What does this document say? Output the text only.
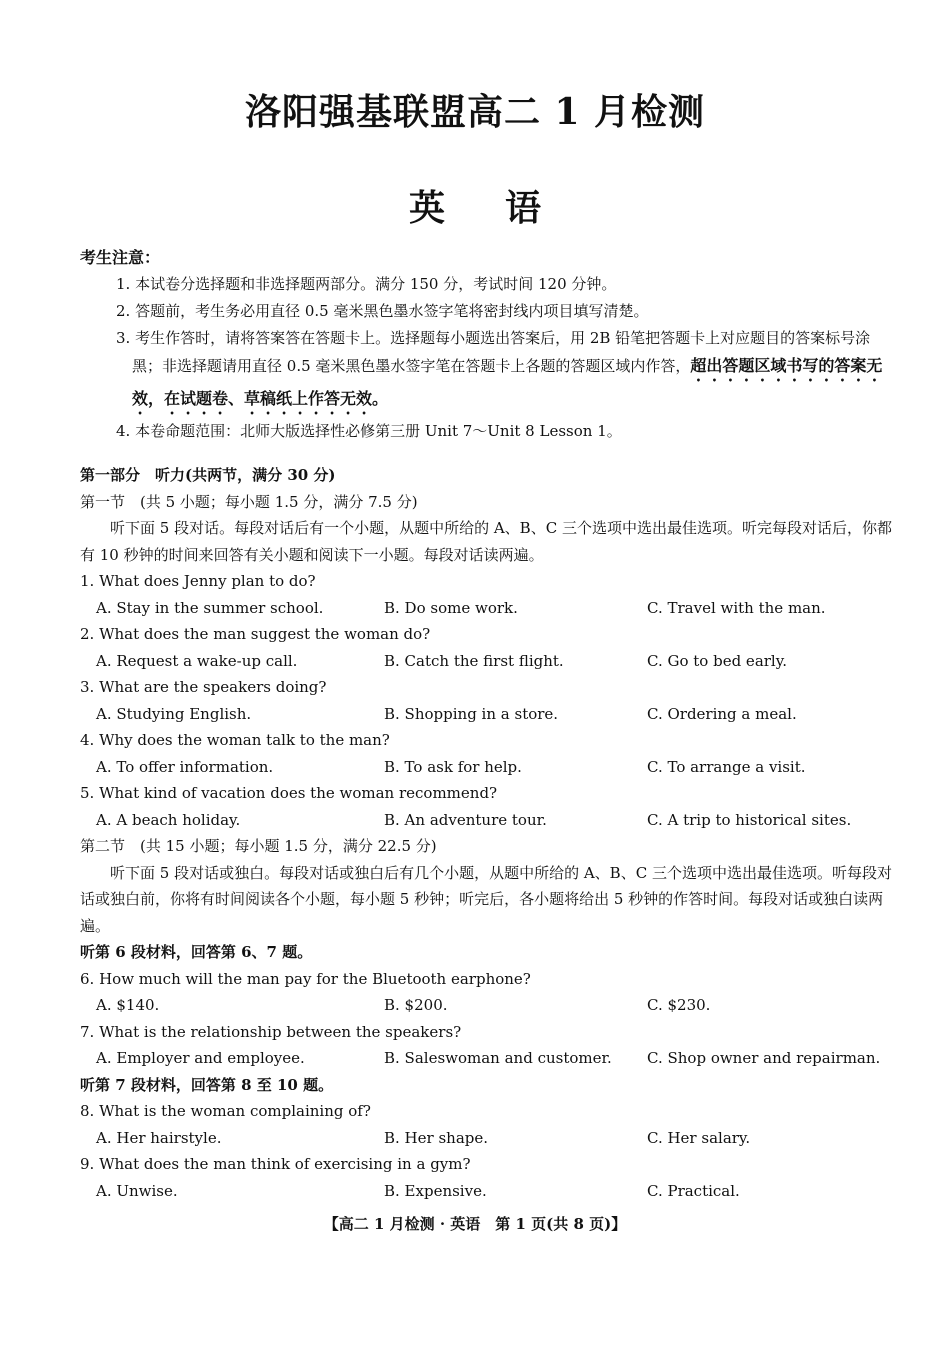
洛阳强基联盟高二 1 月检测
英语
考生注意：
1. 本试卷分选择题和非选择题两部分。满分 150 分，考试时间 120 分钟。
2. 答题前，考生务必用直径 0.5 毫米黑色墨水签字笔将密封线内项目填写清楚。
3. 考生作答时，请将答案答在答题卡上。选择题每小题选出答案后，用 2B 铅笔把答题卡上对应题目的答案标号涂黑；非选择题请用直径 0.5 毫米黑色墨水签字笔在答题卡上各题的答题区域内作答，超出答题区域书写的答案无效，在试题卷、草稿纸上作答无效。
4. 本卷命题范围：北师大版选择性必修第三册 Unit 7～Unit 8 Lesson 1。
第一部分　听力(共两节，满分 30 分)
第一节　(共 5 小题；每小题 1.5 分，满分 7.5 分)
听下面 5 段对话。每段对话后有一个小题，从题中所给的 A、B、C 三个选项中选出最佳选项。听完每段对话后，你都有 10 秒钟的时间来回答有关小题和阅读下一小题。每段对话读两遍。
1. What does Jenny plan to do?
A. Stay in the summer school.	B. Do some work.	C. Travel with the man.
2. What does the man suggest the woman do?
A. Request a wake-up call.	B. Catch the first flight.	C. Go to bed early.
3. What are the speakers doing?
A. Studying English.	B. Shopping in a store.	C. Ordering a meal.
4. Why does the woman talk to the man?
A. To offer information.	B. To ask for help.	C. To arrange a visit.
5. What kind of vacation does the woman recommend?
A. A beach holiday.	B. An adventure tour.	C. A trip to historical sites.
第二节　(共 15 小题；每小题 1.5 分，满分 22.5 分)
听下面 5 段对话或独白。每段对话或独白后有几个小题，从题中所给的 A、B、C 三个选项中选出最佳选项。听每段对话或独白前，你将有时间阅读各个小题，每小题 5 秒钟；听完后，各小题将给出 5 秒钟的作答时间。每段对话或独白读两遍。
听第 6 段材料，回答第 6、7 题。
6. How much will the man pay for the Bluetooth earphone?
A. $140.	B. $200.	C. $230.
7. What is the relationship between the speakers?
A. Employer and employee.	B. Saleswoman and customer. C. Shop owner and repairman.
听第 7 段材料，回答第 8 至 10 题。
8. What is the woman complaining of?
A. Her hairstyle.	B. Her shape.	C. Her salary.
9. What does the man think of exercising in a gym?
A. Unwise.	B. Expensive.	C. Practical.
【高二 1 月检测 · 英语　第 1 页(共 8 页)】
